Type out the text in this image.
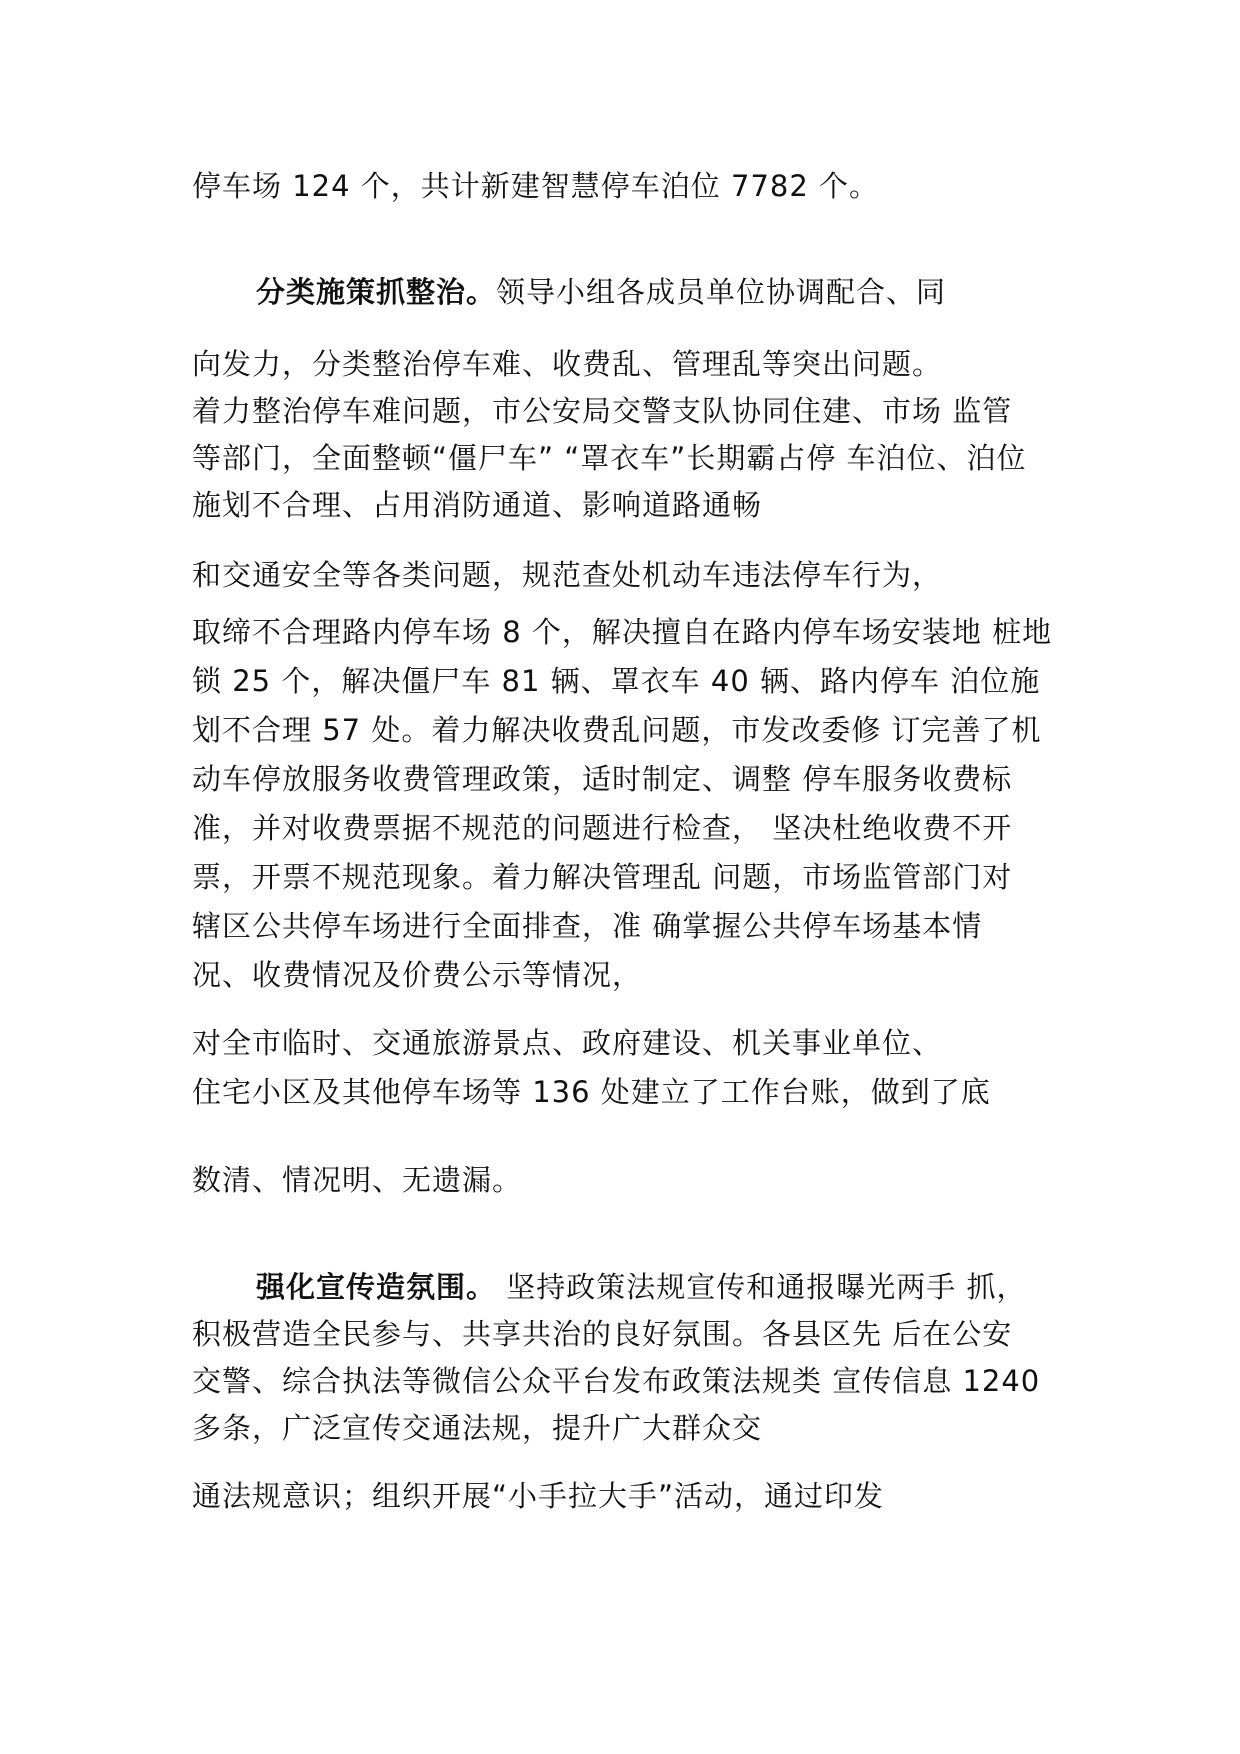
停车场 124 个，共计新建智慧停车泊位 7782 个。
分类施策抓整治。领导小组各成员单位协调配合、同
向发力，分类整治停车难、收费乱、管理乱等突出问题。
着力整治停车难问题，市公安局交警支队协同住建、市场 监管
等部门，全面整顿“僵尸车” “罩衣车”长期霸占停 车泊位、泊位
施划不合理、占用消防通道、影响道路通畅
和交通安全等各类问题，规范查处机动车违法停车行为，
取缔不合理路内停车场 8 个，解决擅自在路内停车场安装地 桩地
锁 25 个，解决僵尸车 81 辆、罩衣车 40 辆、路内停车 泊位施
划不合理 57 处。着力解决收费乱问题，市发改委修 订完善了机
动车停放服务收费管理政策，适时制定、调整 停车服务收费标
准，并对收费票据不规范的问题进行检查， 坚决杜绝收费不开
票，开票不规范现象。着力解决管理乱 问题，市场监管部门对
辖区公共停车场进行全面排查，准 确掌握公共停车场基本情
况、收费情况及价费公示等情况，
对全市临时、交通旅游景点、政府建设、机关事业单位、
住宅小区及其他停车场等 136 处建立了工作台账，做到了底
数清、情况明、无遗漏。
强化宣传造氛围。 坚持政策法规宣传和通报曝光两手 抓，
积极营造全民参与、共享共治的良好氛围。各县区先 后在公安
交警、综合执法等微信公众平台发布政策法规类 宣传信息 1240
多条，广泛宣传交通法规，提升广大群众交
通法规意识；组织开展“小手拉大手”活动，通过印发
